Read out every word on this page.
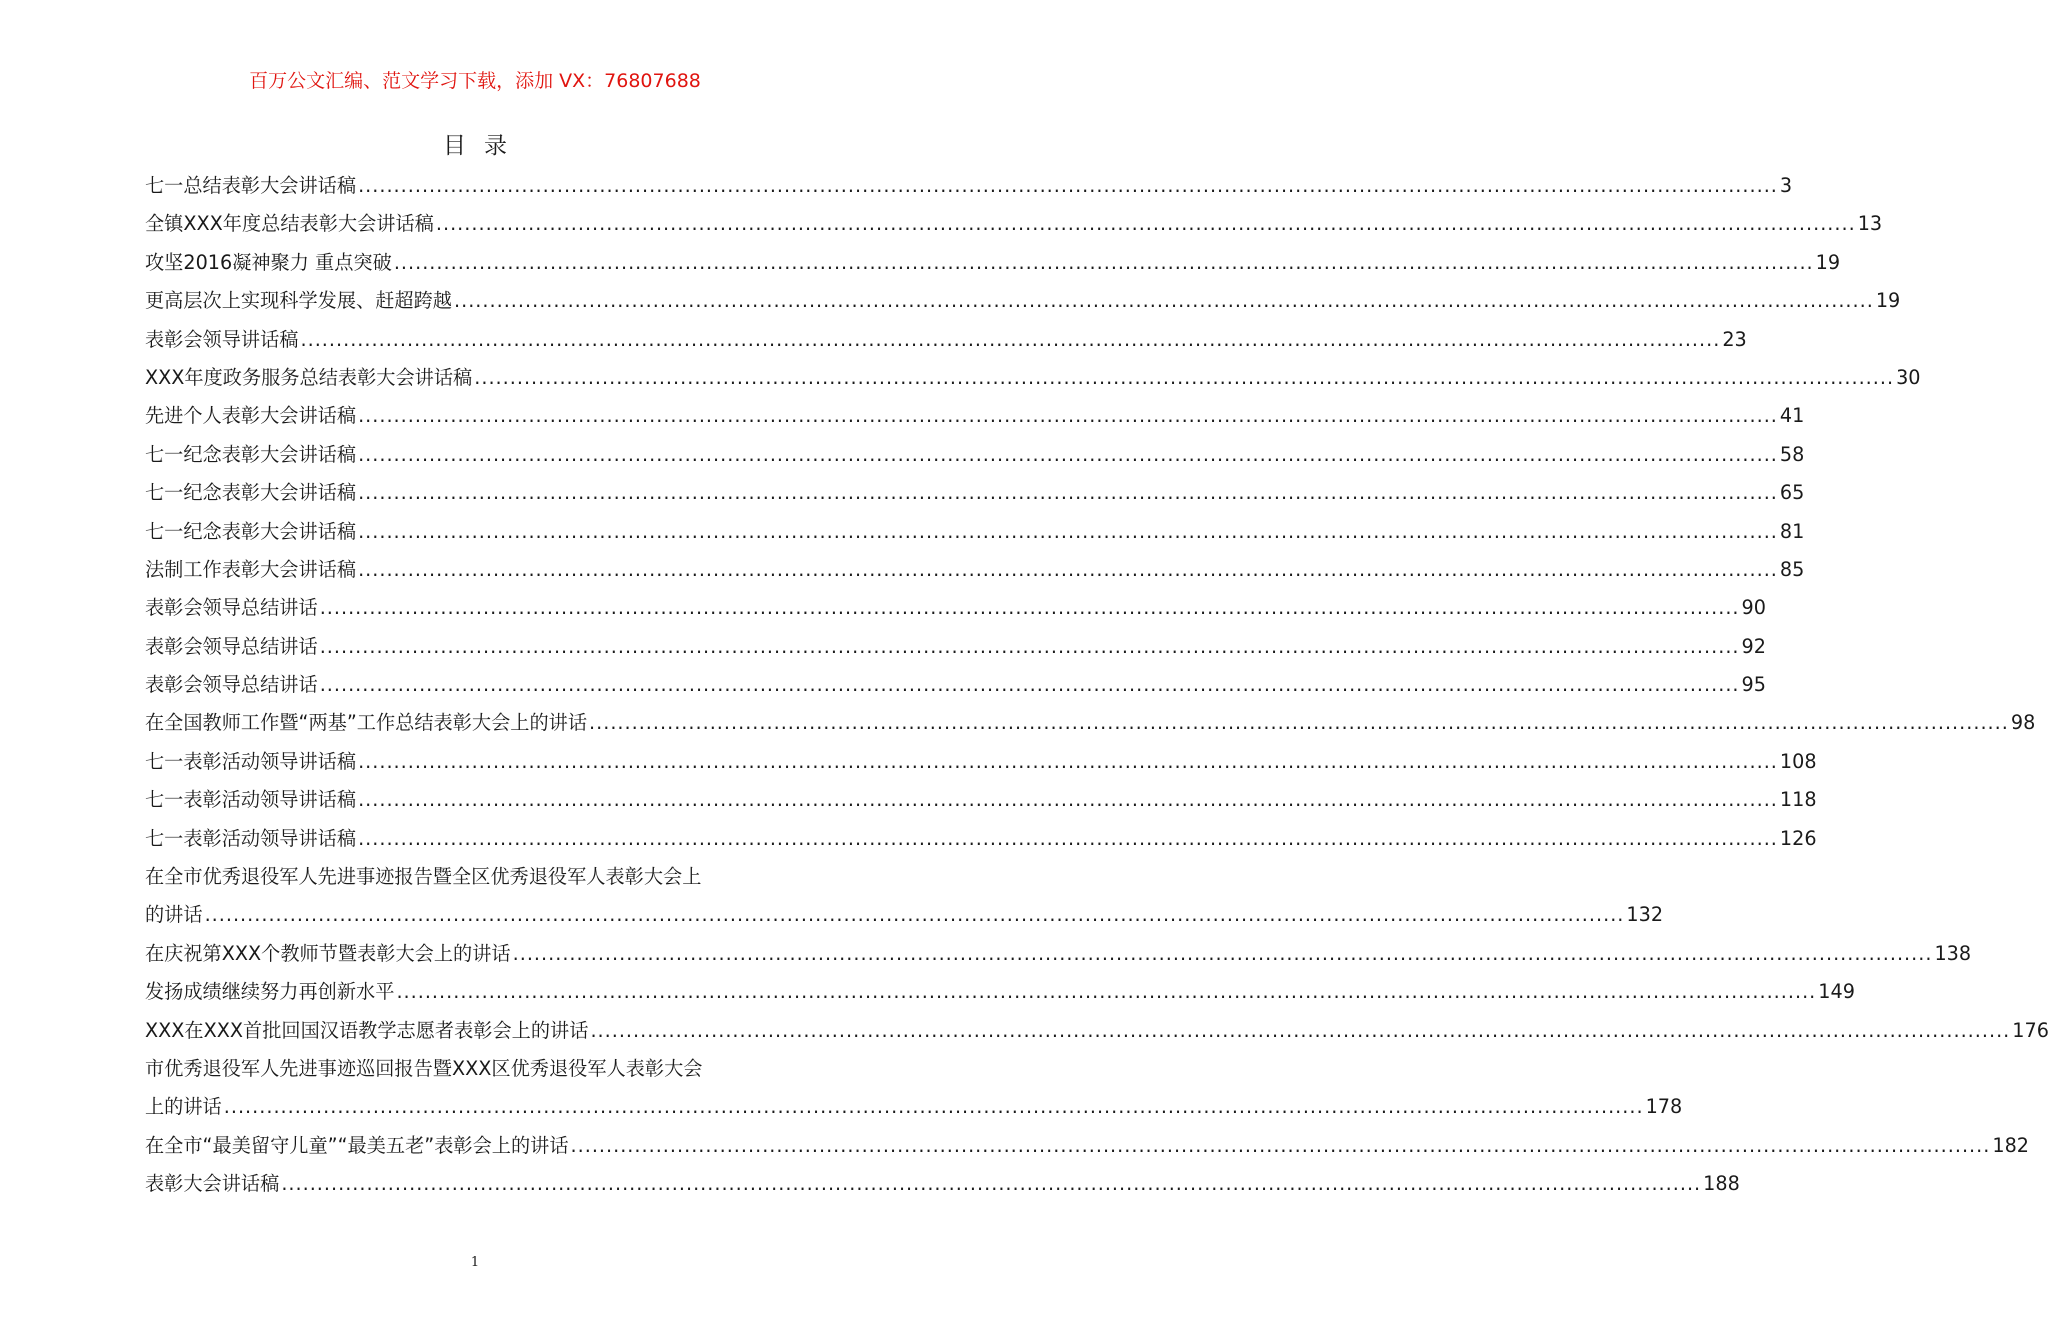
百万公文汇编、范文学习下载，添加 VX：76807688
目录
七一总结表彰大会讲话稿 ........................................................................................................................................................................................................ 3
全镇XXX年度总结表彰大会讲话稿 ........................................................................................................................................................................................................ 13
攻坚2016凝神聚力 重点突破 ........................................................................................................................................................................................................ 19
更高层次上实现科学发展、赶超跨越 ........................................................................................................................................................................................................ 19
表彰会领导讲话稿 ........................................................................................................................................................................................................ 23
XXX年度政务服务总结表彰大会讲话稿 ........................................................................................................................................................................................................ 30
先进个人表彰大会讲话稿 ........................................................................................................................................................................................................ 41
七一纪念表彰大会讲话稿 ........................................................................................................................................................................................................ 58
七一纪念表彰大会讲话稿 ........................................................................................................................................................................................................ 65
七一纪念表彰大会讲话稿 ........................................................................................................................................................................................................ 81
法制工作表彰大会讲话稿 ........................................................................................................................................................................................................ 85
表彰会领导总结讲话 ........................................................................................................................................................................................................ 90
表彰会领导总结讲话 ........................................................................................................................................................................................................ 92
表彰会领导总结讲话 ........................................................................................................................................................................................................ 95
在全国教师工作暨“两基”工作总结表彰大会上的讲话 ........................................................................................................................................................................................................ 98
七一表彰活动领导讲话稿 ........................................................................................................................................................................................................ 108
七一表彰活动领导讲话稿 ........................................................................................................................................................................................................ 118
七一表彰活动领导讲话稿 ........................................................................................................................................................................................................ 126
在全市优秀退役军人先进事迹报告暨全区优秀退役军人表彰大会上
的讲话 ........................................................................................................................................................................................................ 132
在庆祝第XXX个教师节暨表彰大会上的讲话 ........................................................................................................................................................................................................ 138
发扬成绩继续努力再创新水平 ........................................................................................................................................................................................................ 149
XXX在XXX首批回国汉语教学志愿者表彰会上的讲话 ........................................................................................................................................................................................................ 176
市优秀退役军人先进事迹巡回报告暨XXX区优秀退役军人表彰大会
上的讲话 ........................................................................................................................................................................................................ 178
在全市“最美留守儿童”“最美五老”表彰会上的讲话 ........................................................................................................................................................................................................ 182
表彰大会讲话稿 ........................................................................................................................................................................................................ 188
1
